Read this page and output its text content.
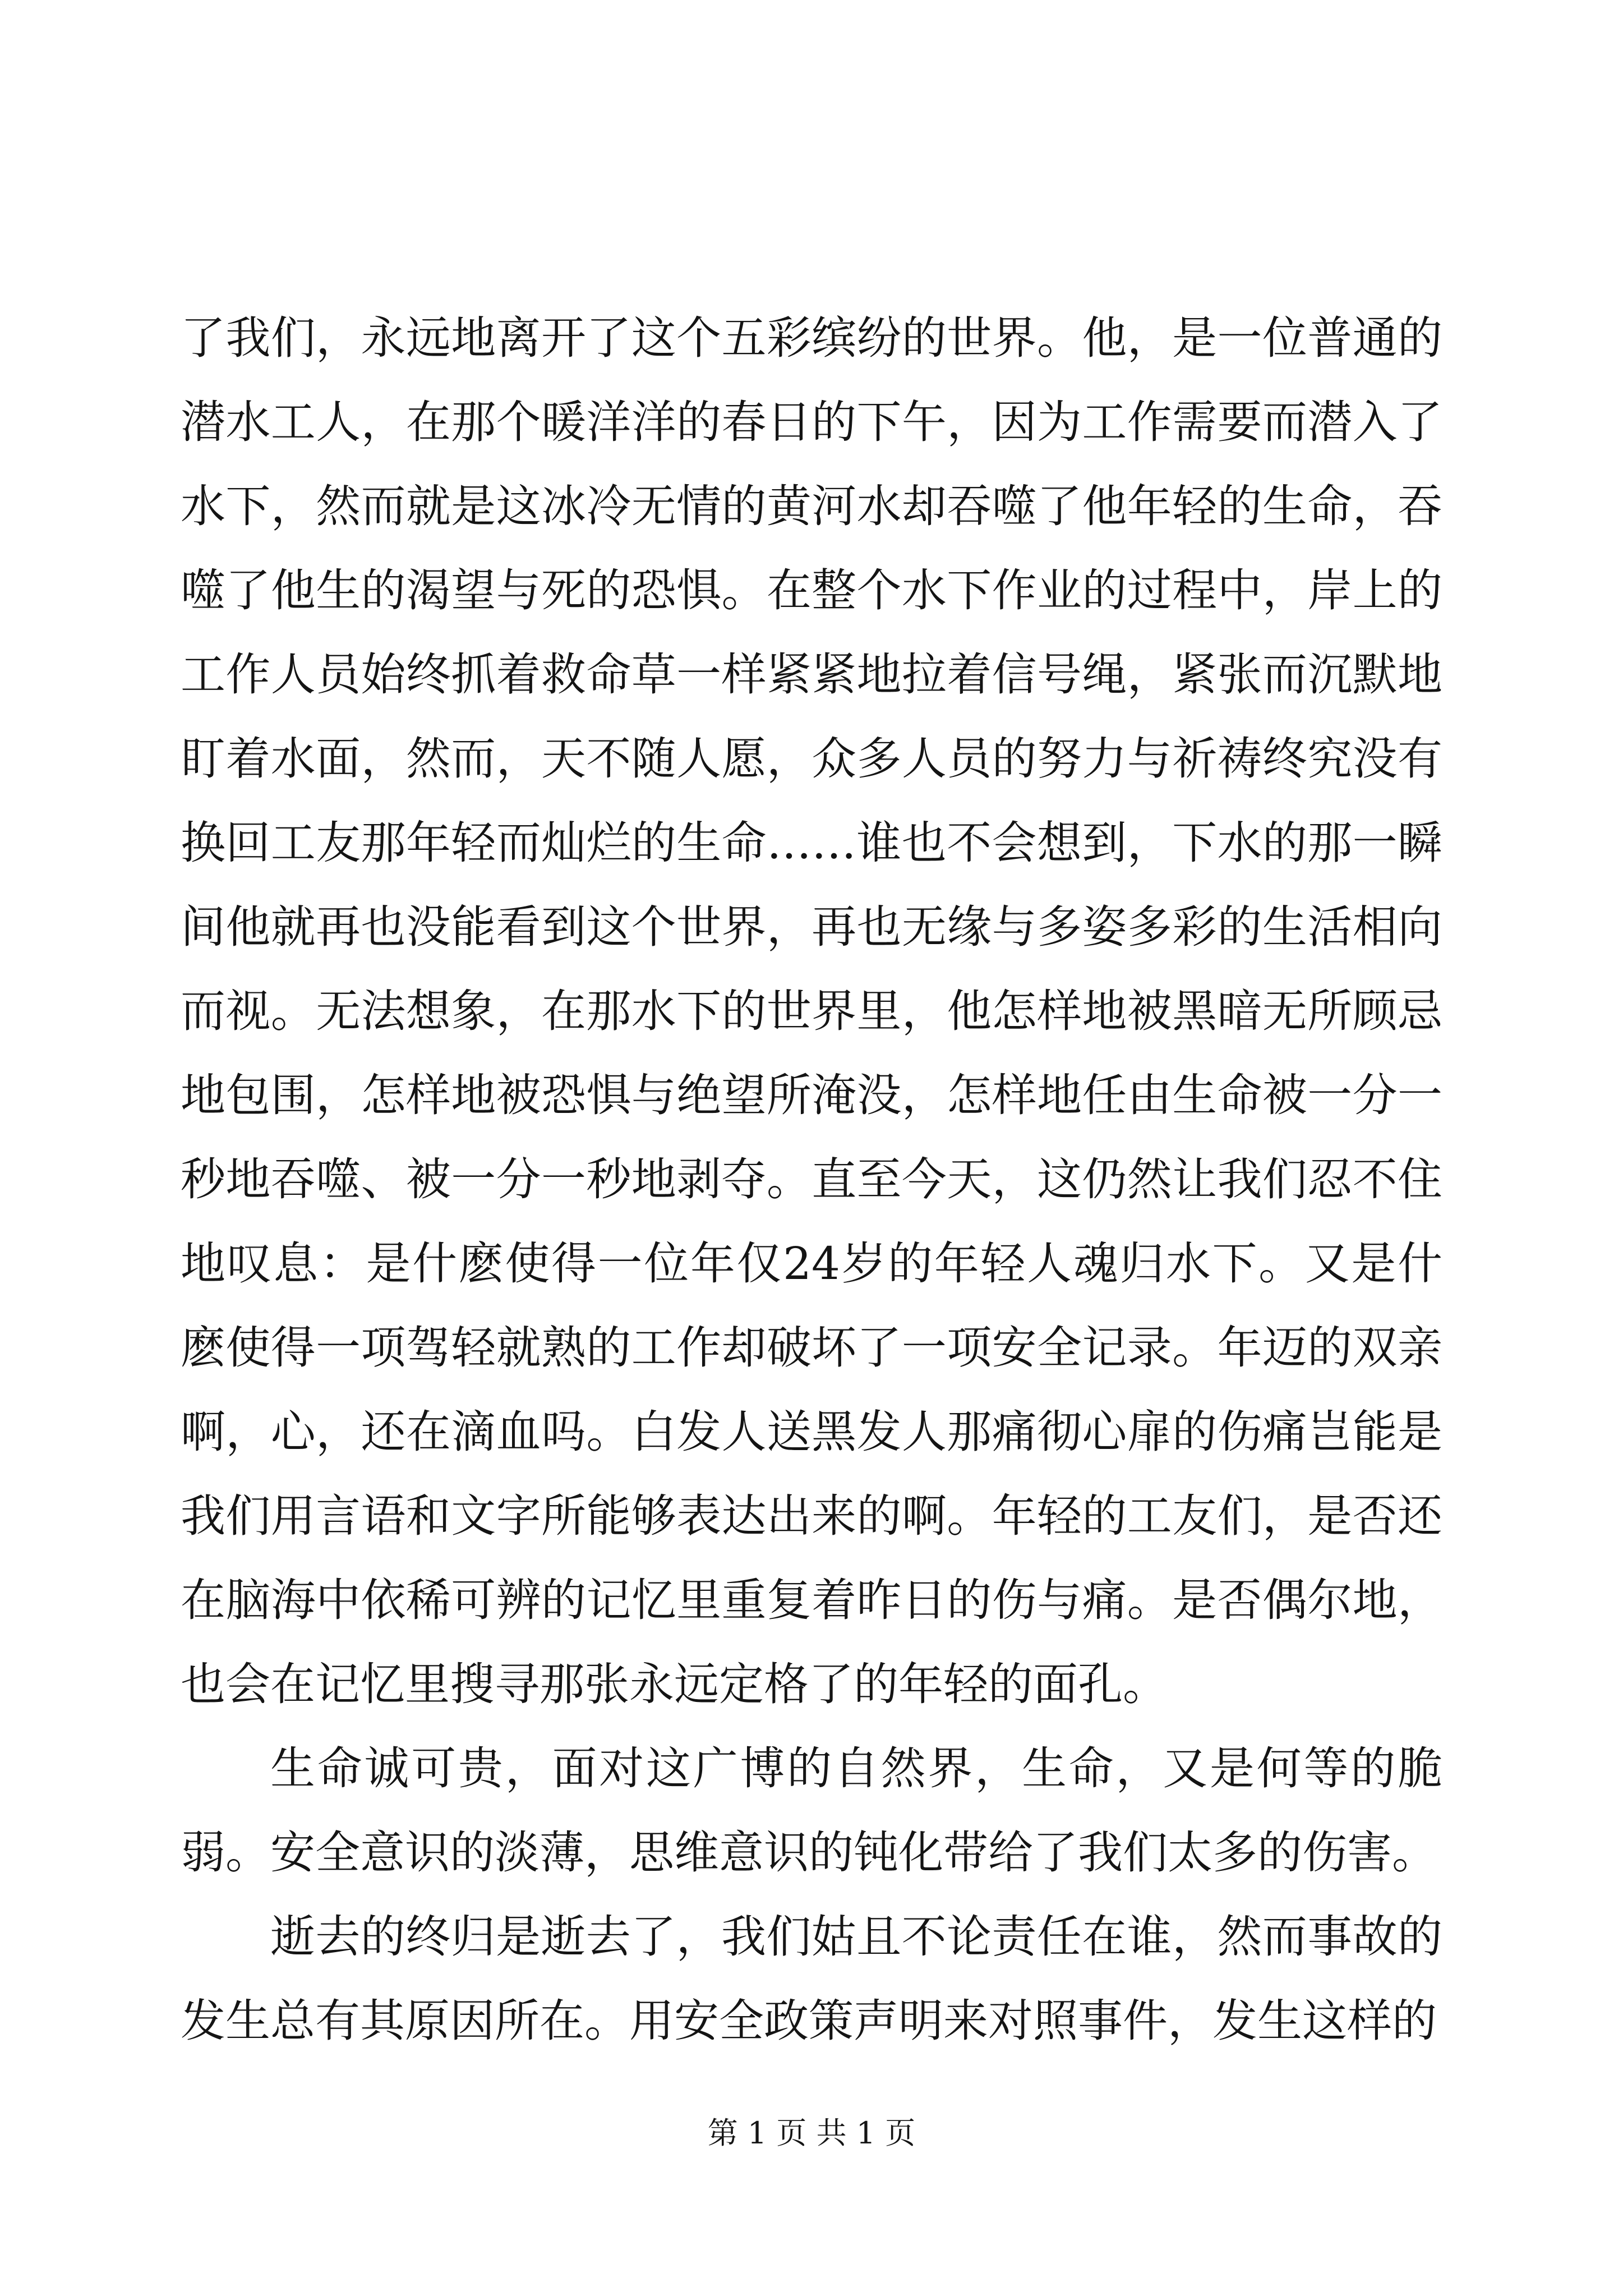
了我们，永远地离开了这个五彩缤纷的世界。他，是一位普通的潜水工人，在那个暖洋洋的春日的下午，因为工作需要而潜入了水下，然而就是这冰冷无情的黄河水却吞噬了他年轻的生命，吞噬了他生的渴望与死的恐惧。在整个水下作业的过程中，岸上的工作人员始终抓着救命草一样紧紧地拉着信号绳，紧张而沉默地盯着水面，然而，天不随人愿，众多人员的努力与祈祷终究没有换回工友那年轻而灿烂的生命……谁也不会想到，下水的那一瞬间他就再也没能看到这个世界，再也无缘与多姿多彩的生活相向而视。无法想象，在那水下的世界里，他怎样地被黑暗无所顾忌地包围，怎样地被恐惧与绝望所淹没，怎样地任由生命被一分一秒地吞噬、被一分一秒地剥夺。直至今天，这仍然让我们忍不住地叹息：是什麽使得一位年仅24岁的年轻人魂归水下。又是什麽使得一项驾轻就熟的工作却破坏了一项安全记录。年迈的双亲啊，心，还在滴血吗。白发人送黑发人那痛彻心扉的伤痛岂能是我们用言语和文字所能够表达出来的啊。年轻的工友们，是否还在脑海中依稀可辨的记忆里重复着昨日的伤与痛。是否偶尔地，也会在记忆里搜寻那张永远定格了的年轻的面孔。

生命诚可贵，面对这广博的自然界，生命，又是何等的脆弱。安全意识的淡薄，思维意识的钝化带给了我们太多的伤害。

逝去的终归是逝去了，我们姑且不论责任在谁，然而事故的发生总有其原因所在。用安全政策声明来对照事件，发生这样的

第 1 页 共 1 页
